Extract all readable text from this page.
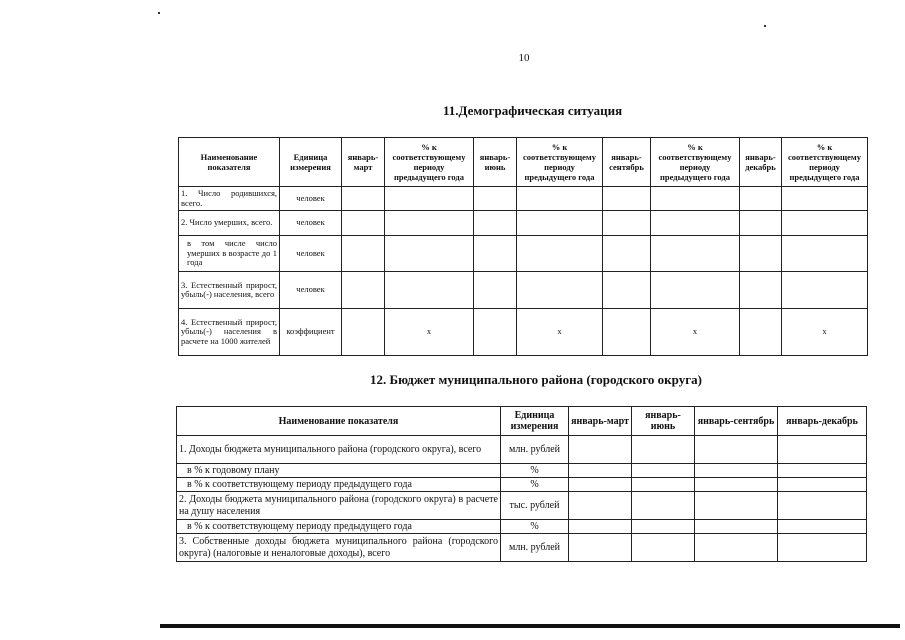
10
11.Демографическая ситуация
Наименование показателя	Единица измерения	январь-март	% к соответствующему периоду предыдущего года	январь-июнь	% к соответствующему периоду предыдущего года	январь-сентябрь	% к соответствующему периоду предыдущего года	январь-декабрь	% к соответствующему периоду предыдущего года
1. Число родившихся, всего.	человек								
2. Число умерших, всего.	человек								
в том числе число умерших в возрасте до 1 года	человек								
3. Естественный прирост, убыль(-) населения, всего	человек								
4. Естественный прирост, убыль(-) населения в расчете на 1000 жителей	коэффициент		x		x		x		x
12. Бюджет муниципального района (городского округа)
Наименование показателя	Единица измерения	январь-март	январь-июнь	январь-сентябрь	январь-декабрь
1. Доходы бюджета муниципального района (городского округа), всего	млн. рублей				
в % к годовому плану	%				
в % к соответствующему периоду предыдущего года	%				
2. Доходы бюджета муниципального района (городского округа) в расчете на душу населения	тыс. рублей				
в % к соответствующему периоду предыдущего года	%				
3. Собственные доходы бюджета муниципального района (городского округа) (налоговые и неналоговые доходы), всего	млн. рублей				
